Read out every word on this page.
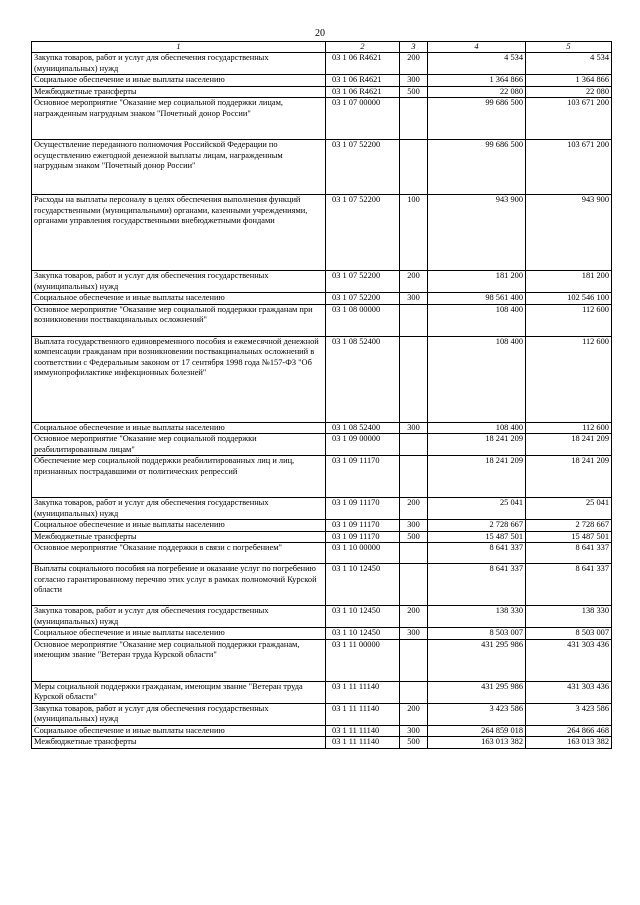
20
1	2	3	4	5
Закупка товаров, работ и услуг для обеспечения государственных (муниципальных) нужд	03 1 06 R4621	200	4 534	4 534
Социальное обеспечение и иные выплаты населению	03 1 06 R4621	300	1 364 866	1 364 866
Межбюджетные трансферты	03 1 06 R4621	500	22 080	22 080
Основное мероприятие "Оказание мер социальной поддержки лицам, награжденным нагрудным знаком "Почетный донор России"	03 1 07 00000		99 686 500	103 671 200
Осуществление переданного полномочия Российской Федерации по осуществлению ежегодной денежной выплаты лицам, награжденным нагрудным знаком "Почетный донор России"	03 1 07 52200		99 686 500	103 671 200
Расходы на выплаты персоналу в целях обеспечения выполнения функций государственными (муниципальными) органами, казенными учреждениями, органами управления государственными внебюджетными фондами	03 1 07 52200	100	943 900	943 900
Закупка товаров, работ и услуг для обеспечения государственных (муниципальных) нужд	03 1 07 52200	200	181 200	181 200
Социальное обеспечение и иные выплаты населению	03 1 07 52200	300	98 561 400	102 546 100
Основное мероприятие "Оказание мер социальной поддержки гражданам при возникновении поствакцинальных осложнений"	03 1 08 00000		108 400	112 600
Выплата государственного единовременного пособия и ежемесячной денежной компенсации гражданам при возникновении поствакцинальных осложнений в соответствии с Федеральным законом от 17 сентября 1998 года №157-ФЗ "Об иммунопрофилактике инфекционных болезней"	03 1 08 52400		108 400	112 600
Социальное обеспечение и иные выплаты населению	03 1 08 52400	300	108 400	112 600
Основное мероприятие "Оказание мер социальной поддержки реабилитированным лицам"	03 1 09 00000		18 241 209	18 241 209
Обеспечение мер социальной поддержки реабилитированных лиц и лиц, признанных пострадавшими от политических репрессий	03 1 09 11170		18 241 209	18 241 209
Закупка товаров, работ и услуг для обеспечения государственных (муниципальных) нужд	03 1 09 11170	200	25 041	25 041
Социальное обеспечение и иные выплаты населению	03 1 09 11170	300	2 728 667	2 728 667
Межбюджетные трансферты	03 1 09 11170	500	15 487 501	15 487 501
Основное мероприятие "Оказание поддержки в связи с погребением"	03 1 10 00000		8 641 337	8 641 337
Выплаты социального пособия на погребение и оказание услуг по погребению согласно гарантированному перечню этих услуг в рамках полномочий Курской области	03 1 10 12450		8 641 337	8 641 337
Закупка товаров, работ и услуг для обеспечения государственных (муниципальных) нужд	03 1 10 12450	200	138 330	138 330
Социальное обеспечение и иные выплаты населению	03 1 10 12450	300	8 503 007	8 503 007
Основное мероприятие "Оказание мер социальной поддержки гражданам, имеющим звание "Ветеран труда Курской области"	03 1 11 00000		431 295 986	431 303 436
Меры социальной поддержки гражданам, имеющим звание "Ветеран труда Курской области"	03 1 11 11140		431 295 986	431 303 436
Закупка товаров, работ и услуг для обеспечения государственных (муниципальных) нужд	03 1 11 11140	200	3 423 586	3 423 586
Социальное обеспечение и иные выплаты населению	03 1 11 11140	300	264 859 018	264 866 468
Межбюджетные трансферты	03 1 11 11140	500	163 013 382	163 013 382
